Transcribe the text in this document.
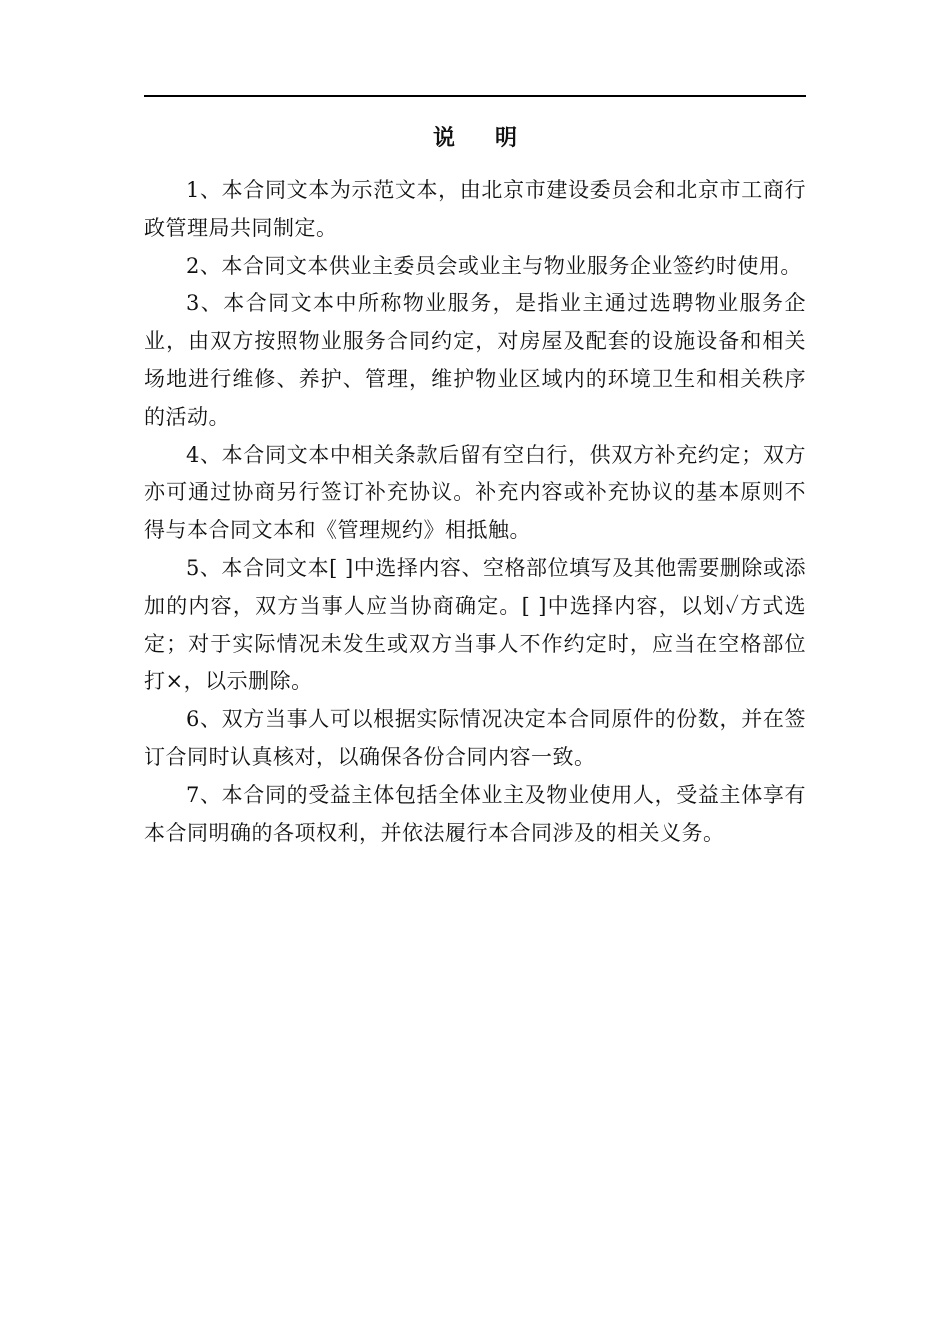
说明

1、本合同文本为示范文本，由北京市建设委员会和北京市工商行政管理局共同制定。

2、本合同文本供业主委员会或业主与物业服务企业签约时使用。

3、本合同文本中所称物业服务，是指业主通过选聘物业服务企业，由双方按照物业服务合同约定，对房屋及配套的设施设备和相关场地进行维修、养护、管理，维护物业区域内的环境卫生和相关秩序的活动。

4、本合同文本中相关条款后留有空白行，供双方补充约定；双方亦可通过协商另行签订补充协议。补充内容或补充协议的基本原则不得与本合同文本和《管理规约》相抵触。

5、本合同文本[ ]中选择内容、空格部位填写及其他需要删除或添加的内容，双方当事人应当协商确定。[ ]中选择内容，以划✓方式选定；对于实际情况未发生或双方当事人不作约定时，应当在空格部位打×，以示删除。

6、双方当事人可以根据实际情况决定本合同原件的份数，并在签订合同时认真核对，以确保各份合同内容一致。

7、本合同的受益主体包括全体业主及物业使用人，受益主体享有本合同明确的各项权利，并依法履行本合同涉及的相关义务。
